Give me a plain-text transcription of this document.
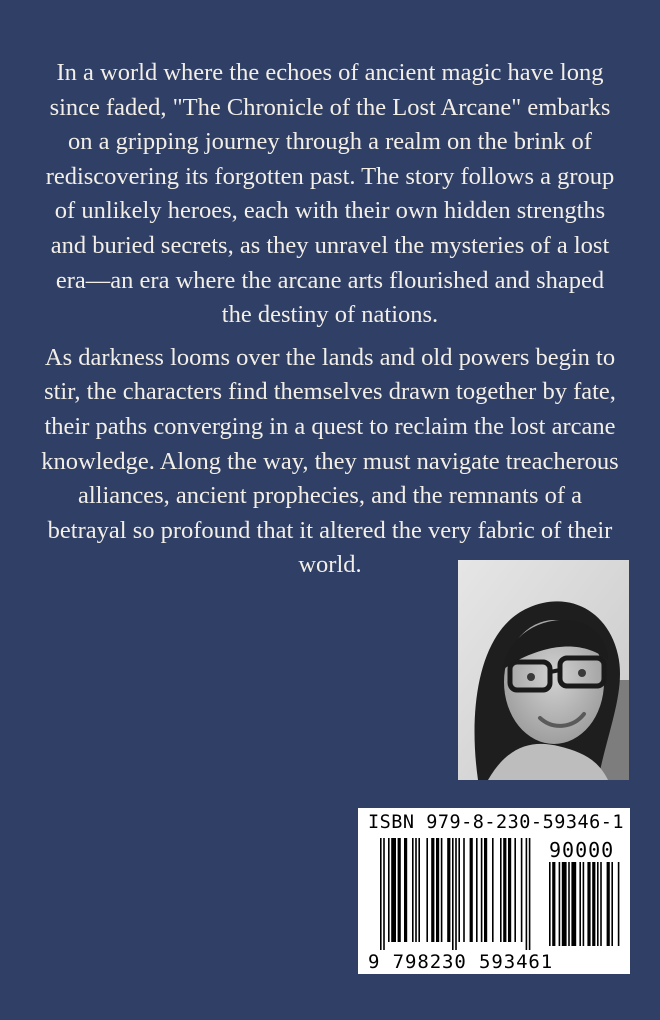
In a world where the echoes of ancient magic have long since faded, "The Chronicle of the Lost Arcane" embarks on a gripping journey through a realm on the brink of rediscovering its forgotten past. The story follows a group of unlikely heroes, each with their own hidden strengths and buried secrets, as they unravel the mysteries of a lost era—an era where the arcane arts flourished and shaped the destiny of nations.

As darkness looms over the lands and old powers begin to stir, the characters find themselves drawn together by fate, their paths converging in a quest to reclaim the lost arcane knowledge. Along the way, they must navigate treacherous alliances, ancient prophecies, and the remnants of a betrayal so profound that it altered the very fabric of their world.

ISBN 979-8-230-59346-1
90000
9 798230 593461
